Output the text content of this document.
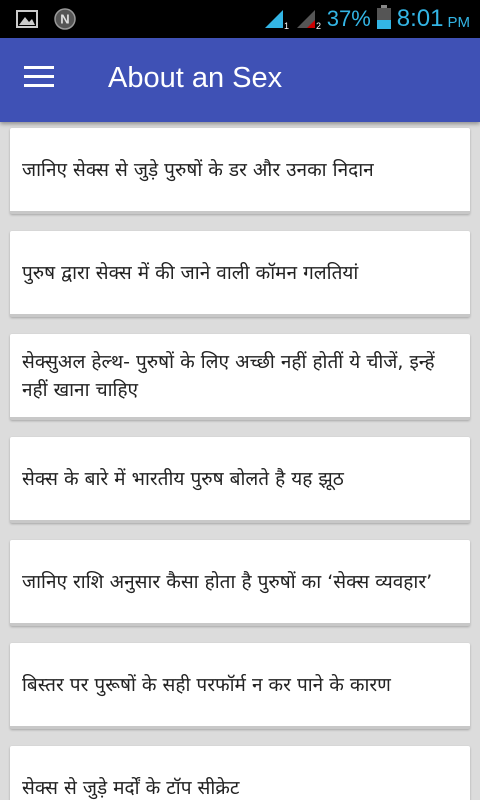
N	1	2 37% 8:01 PM
About an Sex
जानिए सेक्स से जुड़े पुरुषों के डर और उनका निदान
पुरुष द्वारा सेक्स में की जाने वाली कॉमन गलतियां
सेक्सुअल हेल्थ- पुरुषों के लिए अच्छी नहीं होतीं ये चीजें, इन्हें नहीं खाना चाहिए
सेक्स के बारे में भारतीय पुरुष बोलते है यह झूठ
जानिए राशि अनुसार कैसा होता है पुरुषों का ‘सेक्स व्यवहार’
बिस्तर पर पुरूषों के सही परफॉर्म न कर पाने के कारण
सेक्स से जुड़े मर्दों के टॉप सीक्रेट
